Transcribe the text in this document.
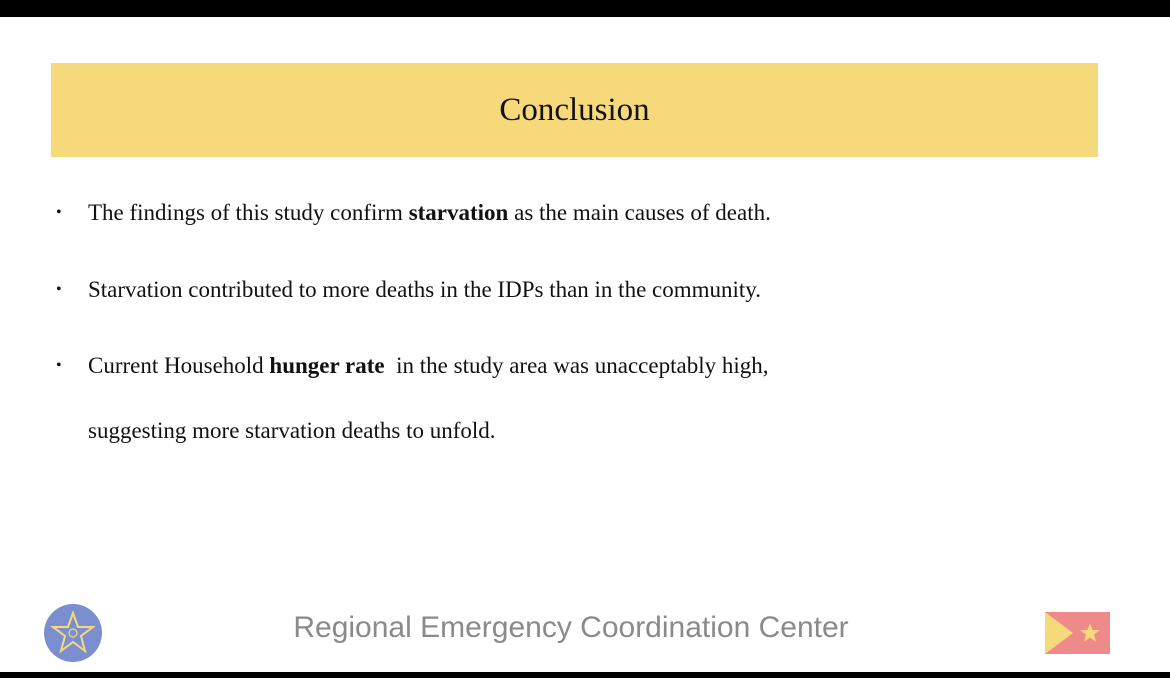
Conclusion
• The findings of this study confirm starvation as the main causes of death.
• Starvation contributed to more deaths in the IDPs than in the community.
• Current Household hunger rate  in the study area was unacceptably high,
suggesting more starvation deaths to unfold.
Regional Emergency Coordination Center
